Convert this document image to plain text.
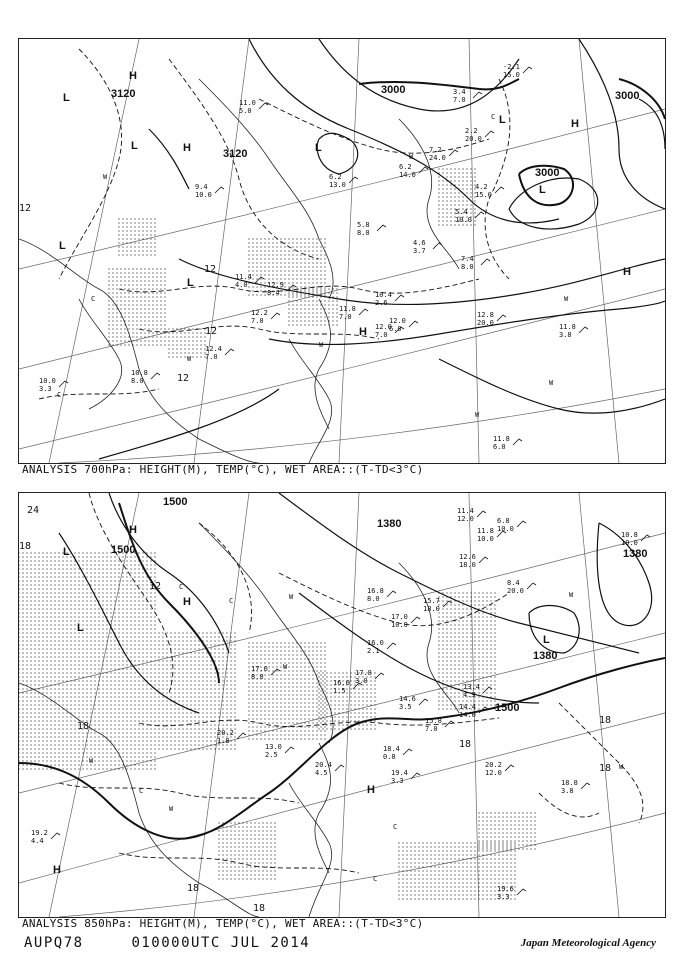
3000	3000
3000
3120
3120
12
12
12
12
L
L
L
L
L
L
L
H
H
H
H
H
W
W
W
W
W
W
W
C
C
C
9.4
10.0
6.2
13.0
5.8
8.0
4.6
3.7
5.4
10.0
7.4
8.0
12.9
8.4
11.8
7.0
12.0
7.0
10.4
2.6
12.0
6.0
12.8
20.0	11.8
3.8
11.8
6.0
12.4
7.0
10.8
8.0
10.0
3.3
11.4
4.0
7.2
24.0
6.2
14.0
3.4
7.0
2.2
20.0
-2.1
15.0
4.2
15.0
12.2
7.0
11.0
5.0
ANALYSIS 700hPa: HEIGHT(M), TEMP(°C), WET AREA::(T-TD<3°C)
1500
1500
1500
1380
1380
1380
24
18
18
12
18
18
18
18
18
L
L
L
H
H
H
H
W
W
W
W
W
W
C
C
C
C
C
16.8
8.0	15.7
18.0
17.0
10.0
16.0
2.1
14.6
3.5
15.8
7.0
14.4
14.0
13.4
4.9
20.2
12.0
18.8
3.8
19.4
3.3
20.4
4.5
20.2
1.8
19.2
4.4
19.6
3.3
13.0
2.5
17.0
8.0
12.6
18.0
11.8
10.0
6.8
10.0
11.4
12.0
8.4
20.0
16.0
1.5
18.4
0.8
10.8
19.0
17.8
3.0
ANALYSIS 850hPa: HEIGHT(M), TEMP(°C), WET AREA::(T-TD<3°C)
AUPQ78	010000UTC JUL 2014	Japan Meteorological Agency
